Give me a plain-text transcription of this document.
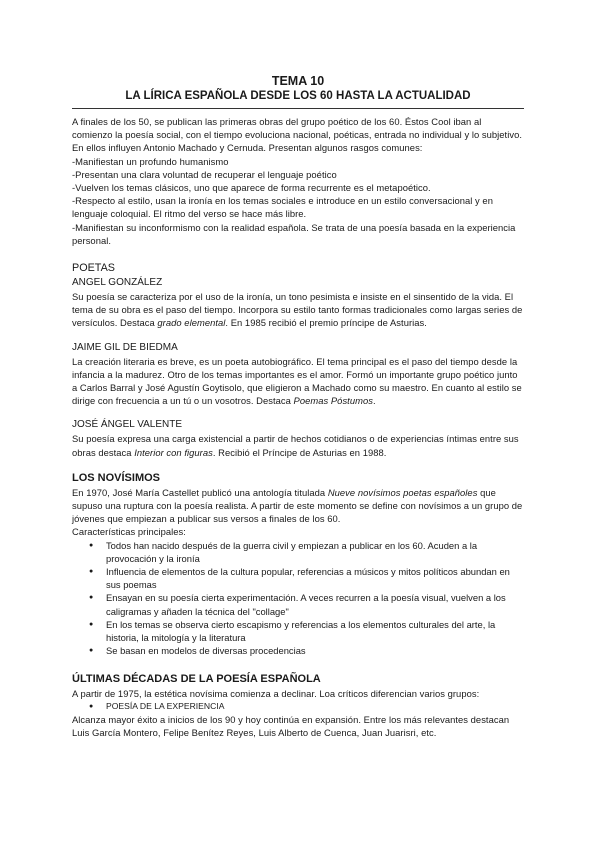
TEMA 10
LA LÍRICA ESPAÑOLA DESDE LOS 60 HASTA LA ACTUALIDAD

A finales de los 50, se publican las primeras obras del grupo poético de los 60. Éstos Cool iban al comienzo la poesía social, con el tiempo evoluciona nacional, poéticas, entrada no individual y lo subjetivo. En ellos influyen Antonio Machado y Cernuda. Presentan algunos rasgos comunes:

-Manifiestan un profundo humanismo

-Presentan una clara voluntad de recuperar el lenguaje poético

-Vuelven los temas clásicos, uno que aparece de forma recurrente es el metapoético.

-Respecto al estilo, usan la ironía en los temas sociales e introduce en un estilo conversacional y en lenguaje coloquial. El ritmo del verso se hace más libre.

-Manifiestan su inconformismo con la realidad española. Se trata de una poesía basada en la experiencia personal.

POETAS
ANGEL GONZÁLEZ

Su poesía se caracteriza por el uso de la ironía, un tono pesimista e insiste en el sinsentido de la vida. El tema de su obra es el paso del tiempo. Incorpora su estilo tanto formas tradicionales como largas series de versículos. Destaca grado elemental. En 1985 recibió el premio príncipe de Asturias.

JAIME GIL DE BIEDMA

La creación literaria es breve, es un poeta autobiográfico. El tema principal es el paso del tiempo desde la infancia a la madurez. Otro de los temas importantes es el amor. Formó un importante grupo poético junto a Carlos Barral y José Agustín Goytisolo, que eligieron a Machado como su maestro. En cuanto al estilo se dirige con frecuencia a un tú o un vosotros. Destaca Poemas Póstumos.

JOSÉ ÁNGEL VALENTE

Su poesía expresa una carga existencial a partir de hechos cotidianos o de experiencias íntimas entre sus obras destaca Interior con figuras. Recibió el Príncipe de Asturias en 1988.

LOS NOVÍSIMOS

En 1970, José María Castellet publicó una antología titulada Nueve novísimos poetas españoles que supuso una ruptura con la poesía realista. A partir de este momento se define con novísimos a un grupo de jóvenes que empiezan a publicar sus versos a finales de los 60.

Características principales:

● Todos han nacido después de la guerra civil y empiezan a publicar en los 60. Acuden a la provocación y la ironía
● Influencia de elementos de la cultura popular, referencias a músicos y mitos políticos abundan en sus poemas
● Ensayan en su poesía cierta experimentación. A veces recurren a la poesía visual, vuelven a los caligramas y añaden la técnica del "collage"
● En los temas se observa cierto escapismo y referencias a los elementos culturales del arte, la historia, la mitología y la literatura
● Se basan en modelos de diversas procedencias
ÚLTIMAS DÉCADAS DE LA POESÍA ESPAÑOLA

A partir de 1975, la estética novísima comienza a declinar. Loa críticos diferencian varios grupos:

● POESÍA DE LA EXPERIENCIA

Alcanza mayor éxito a inicios de los 90 y hoy continúa en expansión. Entre los más relevantes destacan Luis García Montero, Felipe Benítez Reyes, Luis Alberto de Cuenca, Juan Juarisri, etc.
